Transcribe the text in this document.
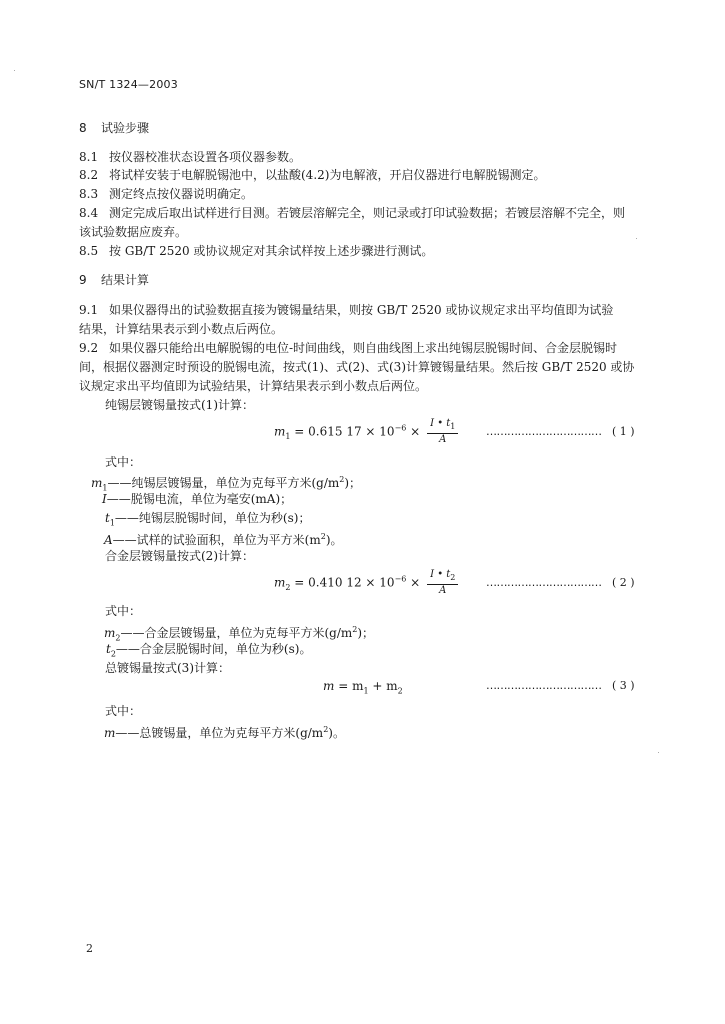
SN/T 1324—2003
8 试验步骤
8.1 按仪器校准状态设置各项仪器参数。
8.2 将试样安装于电解脱锡池中，以盐酸(4.2)为电解液，开启仪器进行电解脱锡测定。
8.3 测定终点按仪器说明确定。
8.4 测定完成后取出试样进行目测。若镀层溶解完全，则记录或打印试验数据；若镀层溶解不完全，则
该试验数据应废弃。
8.5 按 GB/T 2520 或协议规定对其余试样按上述步骤进行测试。
9 结果计算
9.1 如果仪器得出的试验数据直接为镀锡量结果，则按 GB/T 2520 或协议规定求出平均值即为试验
结果，计算结果表示到小数点后两位。
9.2 如果仪器只能给出电解脱锡的电位-时间曲线，则自曲线图上求出纯锡层脱锡时间、合金层脱锡时
间，根据仪器测定时预设的脱锡电流，按式(1)、式(2)、式(3)计算镀锡量结果。然后按 GB/T 2520 或协
议规定求出平均值即为试验结果，计算结果表示到小数点后两位。
纯锡层镀锡量按式(1)计算：
$m_1 = 0.615$ $17 \times 10^{-6} \times \frac{I • t_1}{A}$	…………………………… ( 1 )
式中：
$m_1——$纯锡层镀锡量，单位为克每平方米$(g/m^2)$；
I——脱锡电流，单位为毫安(mA)；
$t_1——$纯锡层脱锡时间，单位为秒(s)；
A——试样的试验面积，单位为平方米$(m^2)$。
合金层镀锡量按式(2)计算：
$m_2 = 0.410$ $12 \times 10^{-6} \times \frac{I • t_2}{A}$	…………………………… ( 2 )
式中：
$m_2——$合金层镀锡量，单位为克每平方米$(g/m^2)$；
$t_2——$合金层脱锡时间，单位为秒(s)。
总镀锡量按式(3)计算：
$m = m_1 + m_2$	…………………………… ( 3 )
式中：
m——总镀锡量，单位为克每平方米$(g/m^2)$。
2
